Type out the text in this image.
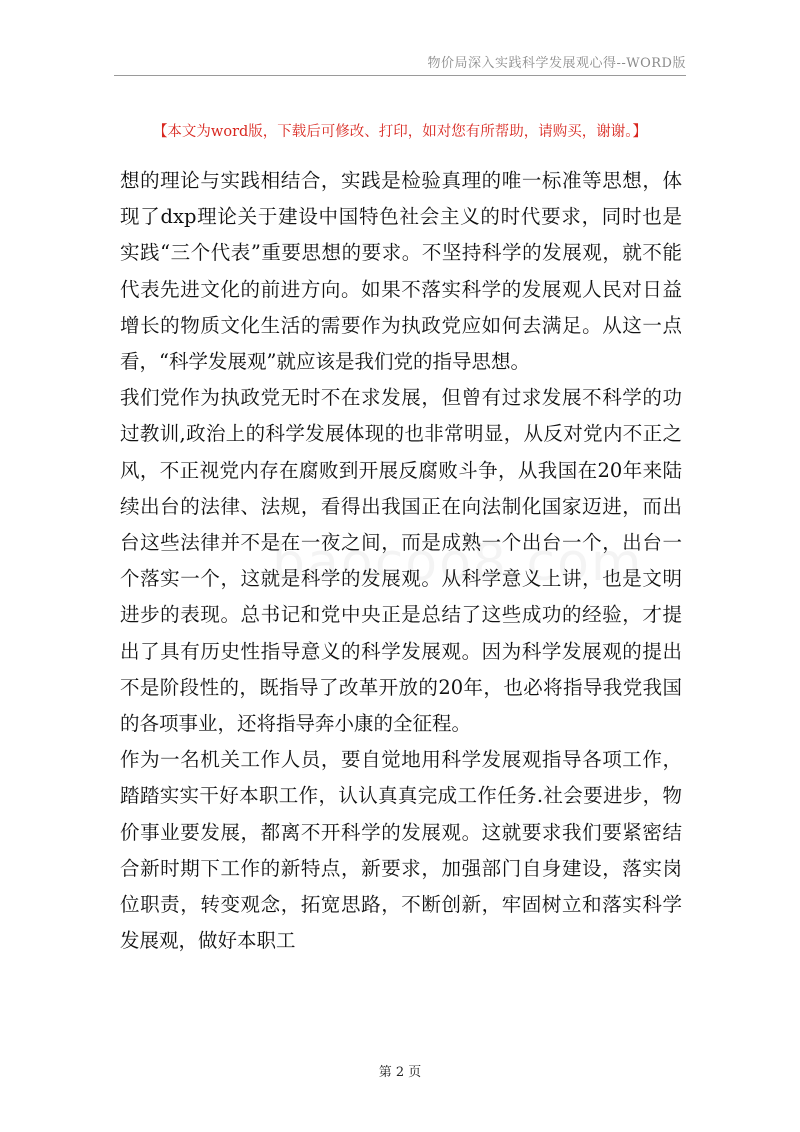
物价局深入实践科学发展观心得--WORD版
【本文为word版，下载后可修改、打印，如对您有所帮助，请购买，谢谢。】

想的理论与实践相结合，实践是检验真理的唯一标准等思想，体现了dxp理论关于建设中国特色社会主义的时代要求，同时也是实践“三个代表”重要思想的要求。不坚持科学的发展观，就不能代表先进文化的前进方向。如果不落实科学的发展观人民对日益增长的物质文化生活的需要作为执政党应如何去满足。从这一点看，“科学发展观”就应该是我们党的指导思想。

我们党作为执政党无时不在求发展，但曾有过求发展不科学的功过教训,政治上的科学发展体现的也非常明显，从反对党内不正之风，不正视党内存在腐败到开展反腐败斗争，从我国在20年来陆续出台的法律、法规，看得出我国正在向法制化国家迈进，而出台这些法律并不是在一夜之间，而是成熟一个出台一个，出台一个落实一个，这就是科学的发展观。从科学意义上讲，也是文明进步的表现。总书记和党中央正是总结了这些成功的经验，才提出了具有历史性指导意义的科学发展观。因为科学发展观的提出不是阶段性的，既指导了改革开放的20年，也必将指导我党我国的各项事业，还将指导奔小康的全征程。

作为一名机关工作人员，要自觉地用科学发展观指导各项工作，踏踏实实干好本职工作，认认真真完成工作任务.社会要进步，物价事业要发展，都离不开科学的发展观。这就要求我们要紧密结合新时期下工作的新特点，新要求，加强部门自身建设，落实岗位职责，转变观念，拓宽思路，不断创新，牢固树立和落实科学发展观，做好本职工

第 2 页
